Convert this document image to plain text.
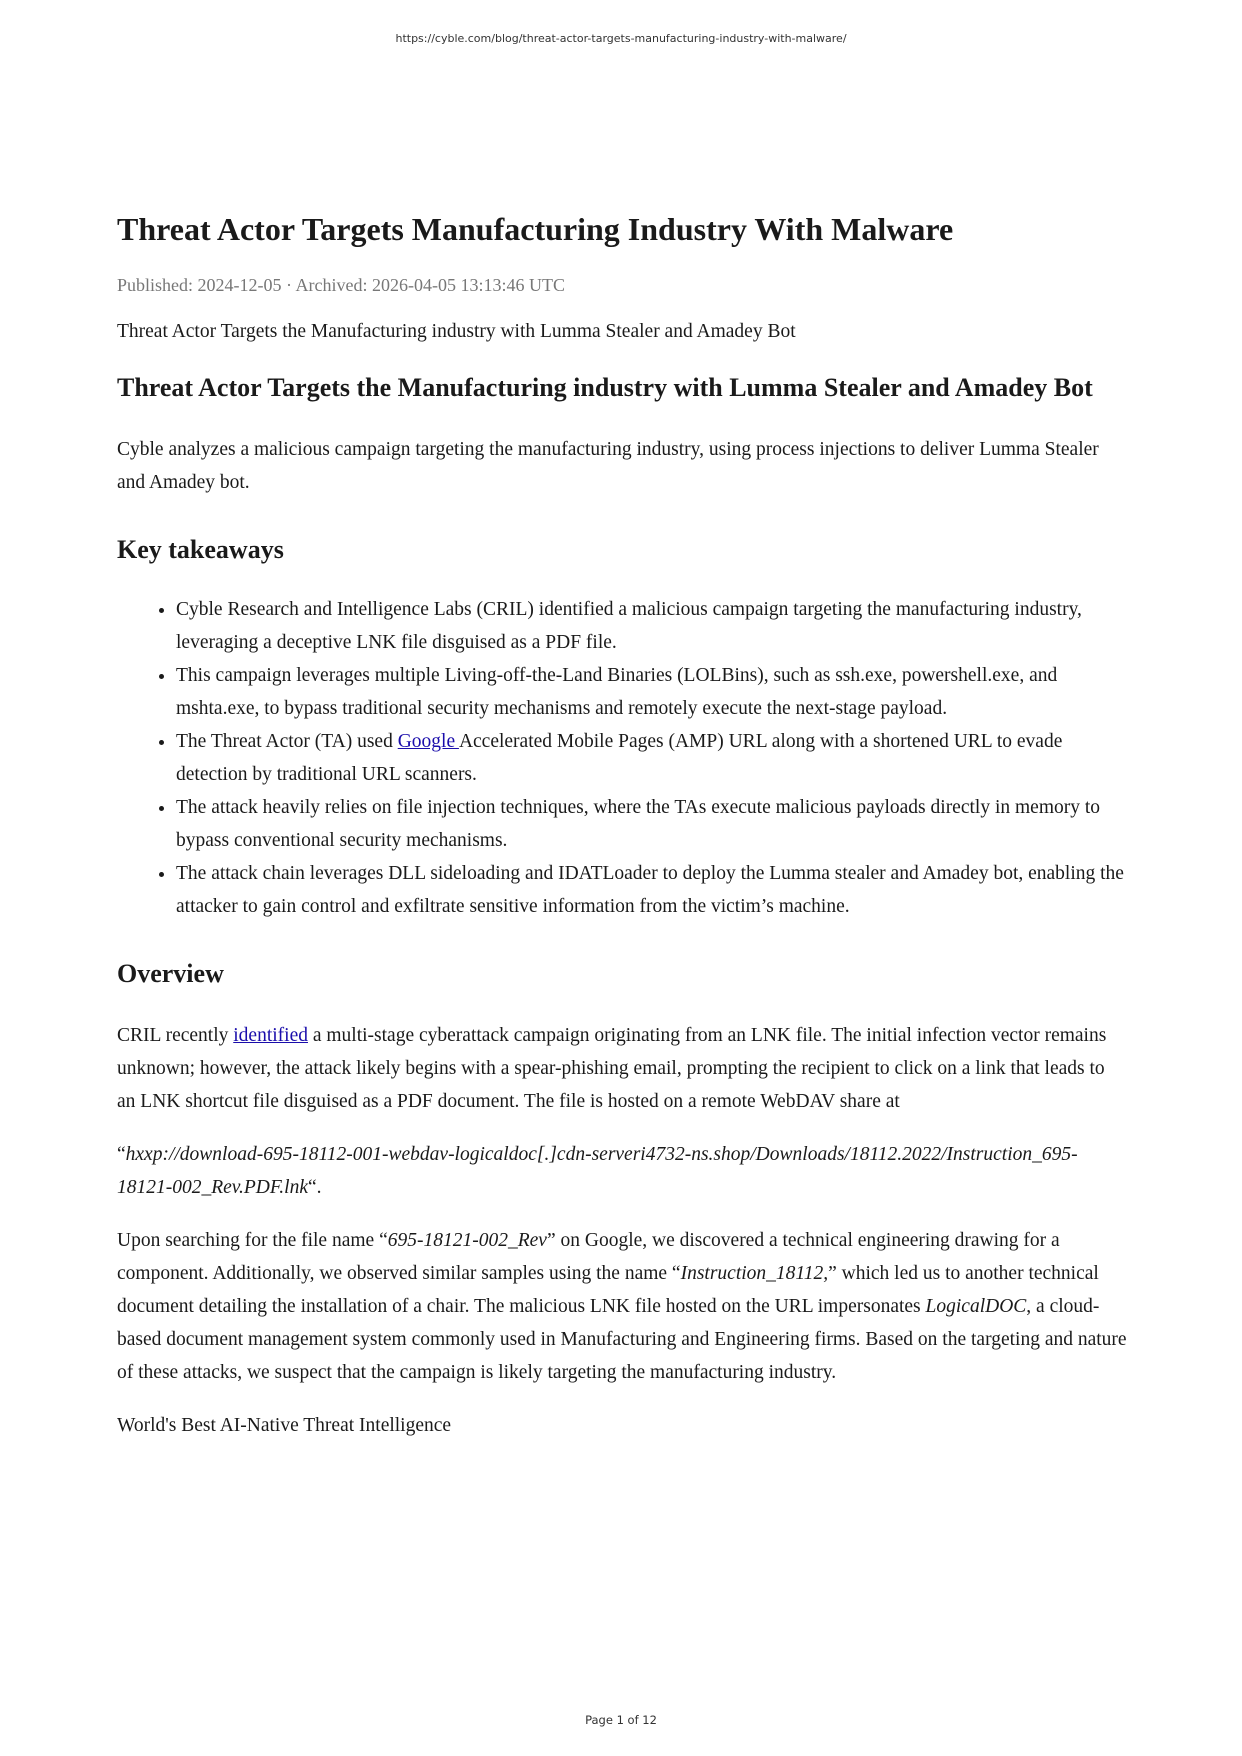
https://cyble.com/blog/threat-actor-targets-manufacturing-industry-with-malware/
Threat Actor Targets Manufacturing Industry With Malware
Published: 2024-12-05 · Archived: 2026-04-05 13:13:46 UTC
Threat Actor Targets the Manufacturing industry with Lumma Stealer and Amadey Bot
Threat Actor Targets the Manufacturing industry with Lumma Stealer and Amadey Bot

Cyble analyzes a malicious campaign targeting the manufacturing industry, using process injections to deliver Lumma Stealer and Amadey bot.

Key takeaways
• Cyble Research and Intelligence Labs (CRIL) identified a malicious campaign targeting the manufacturing industry, leveraging a deceptive LNK file disguised as a PDF file.
• This campaign leverages multiple Living-off-the-Land Binaries (LOLBins), such as ssh.exe, powershell.exe, and mshta.exe, to bypass traditional security mechanisms and remotely execute the next-stage payload.
• The Threat Actor (TA) used Google Accelerated Mobile Pages (AMP) URL along with a shortened URL to evade detection by traditional URL scanners.
• The attack heavily relies on file injection techniques, where the TAs execute malicious payloads directly in memory to bypass conventional security mechanisms.
• The attack chain leverages DLL sideloading and IDATLoader to deploy the Lumma stealer and Amadey bot, enabling the attacker to gain control and exfiltrate sensitive information from the victim’s machine.
Overview

CRIL recently identified a multi-stage cyberattack campaign originating from an LNK file. The initial infection vector remains unknown; however, the attack likely begins with a spear-phishing email, prompting the recipient to click on a link that leads to an LNK shortcut file disguised as a PDF document. The file is hosted on a remote WebDAV share at

“hxxp://download-695-18112-001-webdav-logicaldoc[.]cdn-serveri4732-ns.shop/Downloads/18112.2022/Instruction_695-18121-002_Rev.PDF.lnk“.

Upon searching for the file name “695-18121-002_Rev” on Google, we discovered a technical engineering drawing for a component. Additionally, we observed similar samples using the name “Instruction_18112,” which led us to another technical document detailing the installation of a chair. The malicious LNK file hosted on the URL impersonates LogicalDOC, a cloud-based document management system commonly used in Manufacturing and Engineering firms. Based on the targeting and nature of these attacks, we suspect that the campaign is likely targeting the manufacturing industry.

World's Best AI-Native Threat Intelligence

Page 1 of 12
